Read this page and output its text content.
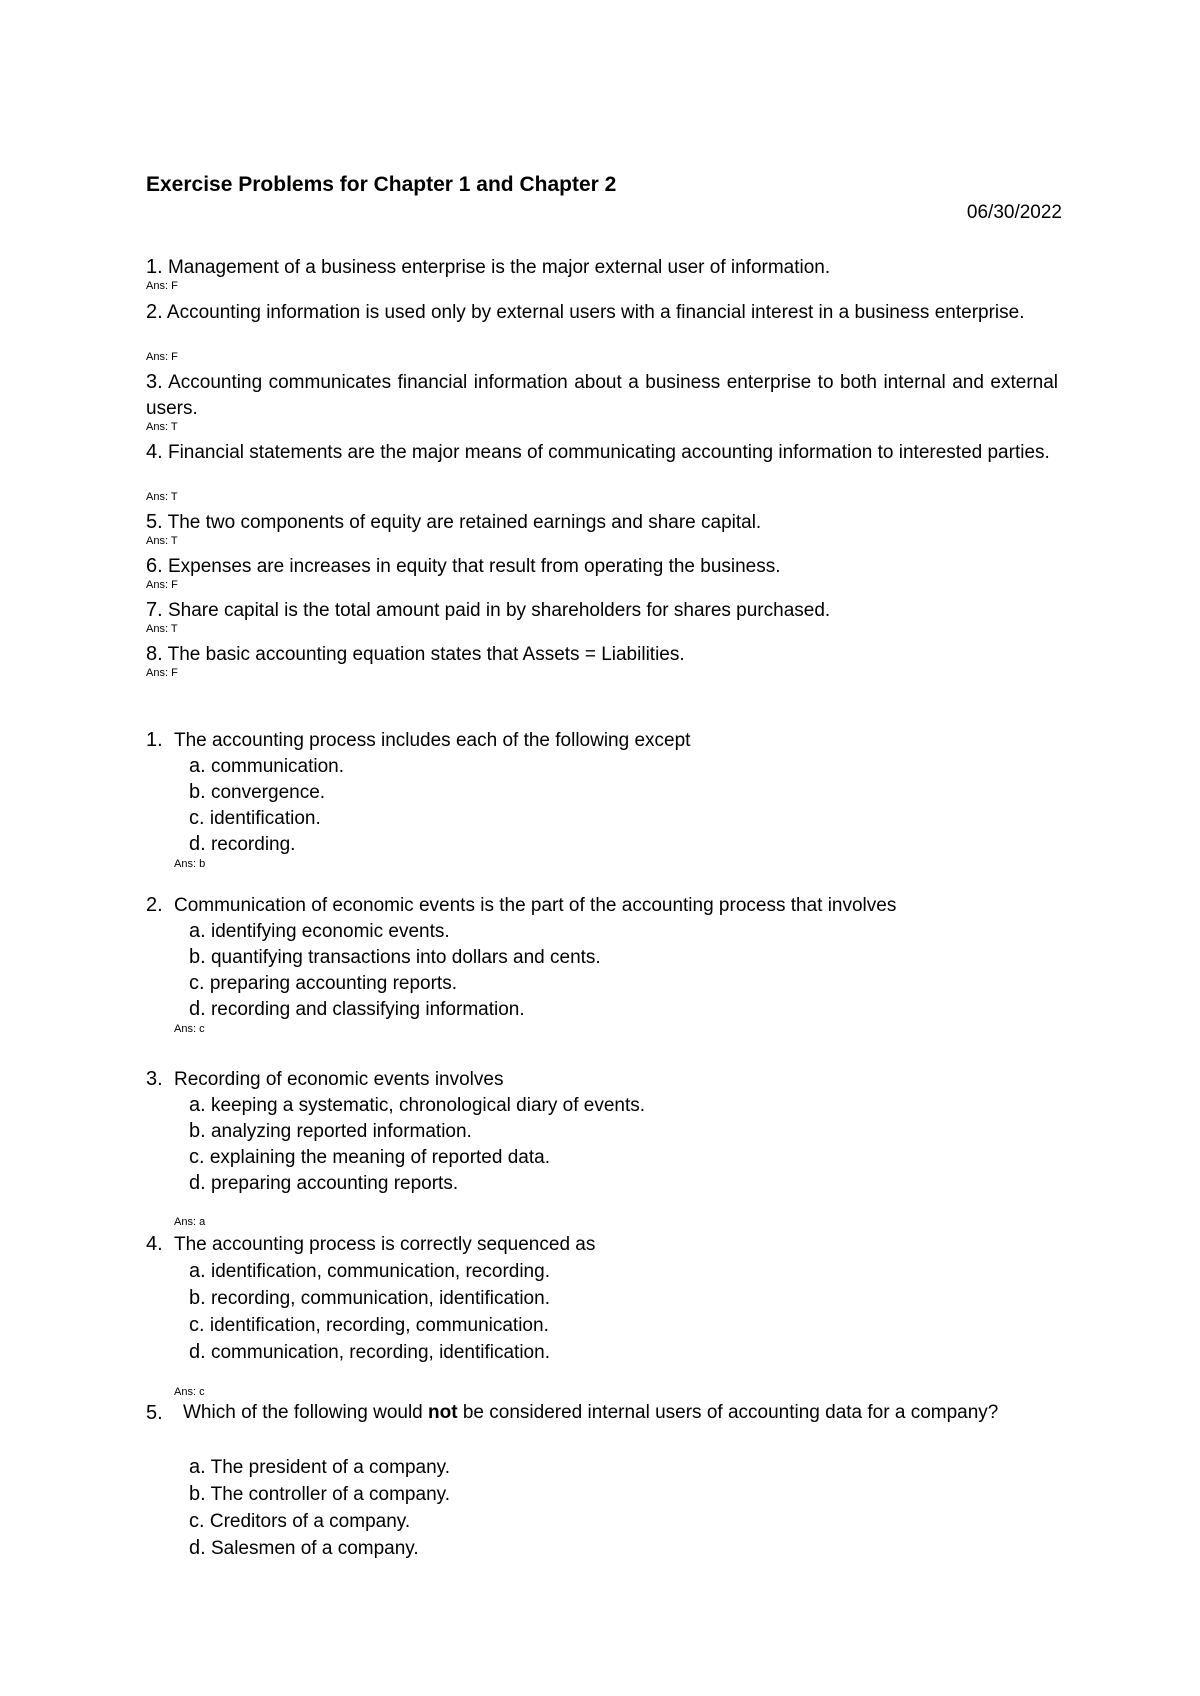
Exercise Problems for Chapter 1 and Chapter 2
06/30/2022
1. Management of a business enterprise is the major external user of information.
Ans: F
2. Accounting information is used only by external users with a financial interest in a business enterprise.
Ans: F
3. Accounting communicates financial information about a business enterprise to both internal and external users.
Ans: T
4. Financial statements are the major means of communicating accounting information to interested parties.
Ans: T
5. The two components of equity are retained earnings and share capital.
Ans: T
6. Expenses are increases in equity that result from operating the business.
Ans: F
7. Share capital is the total amount paid in by shareholders for shares purchased.
Ans: T
8. The basic accounting equation states that Assets = Liabilities.
Ans: F
1. The accounting process includes each of the following except
a. communication.
b. convergence.
c. identification.
d. recording.
Ans: b
2. Communication of economic events is the part of the accounting process that involves
a. identifying economic events.
b. quantifying transactions into dollars and cents.
c. preparing accounting reports.
d. recording and classifying information.
Ans: c
3. Recording of economic events involves
a. keeping a systematic, chronological diary of events.
b. analyzing reported information.
c. explaining the meaning of reported data.
d. preparing accounting reports.
Ans: a
4. The accounting process is correctly sequenced as
a. identification, communication, recording.
b. recording, communication, identification.
c. identification, recording, communication.
d. communication, recording, identification.
Ans: c
5. Which of the following would not be considered internal users of accounting data for a company?
a. The president of a company.
b. The controller of a company.
c. Creditors of a company.
d. Salesmen of a company.
